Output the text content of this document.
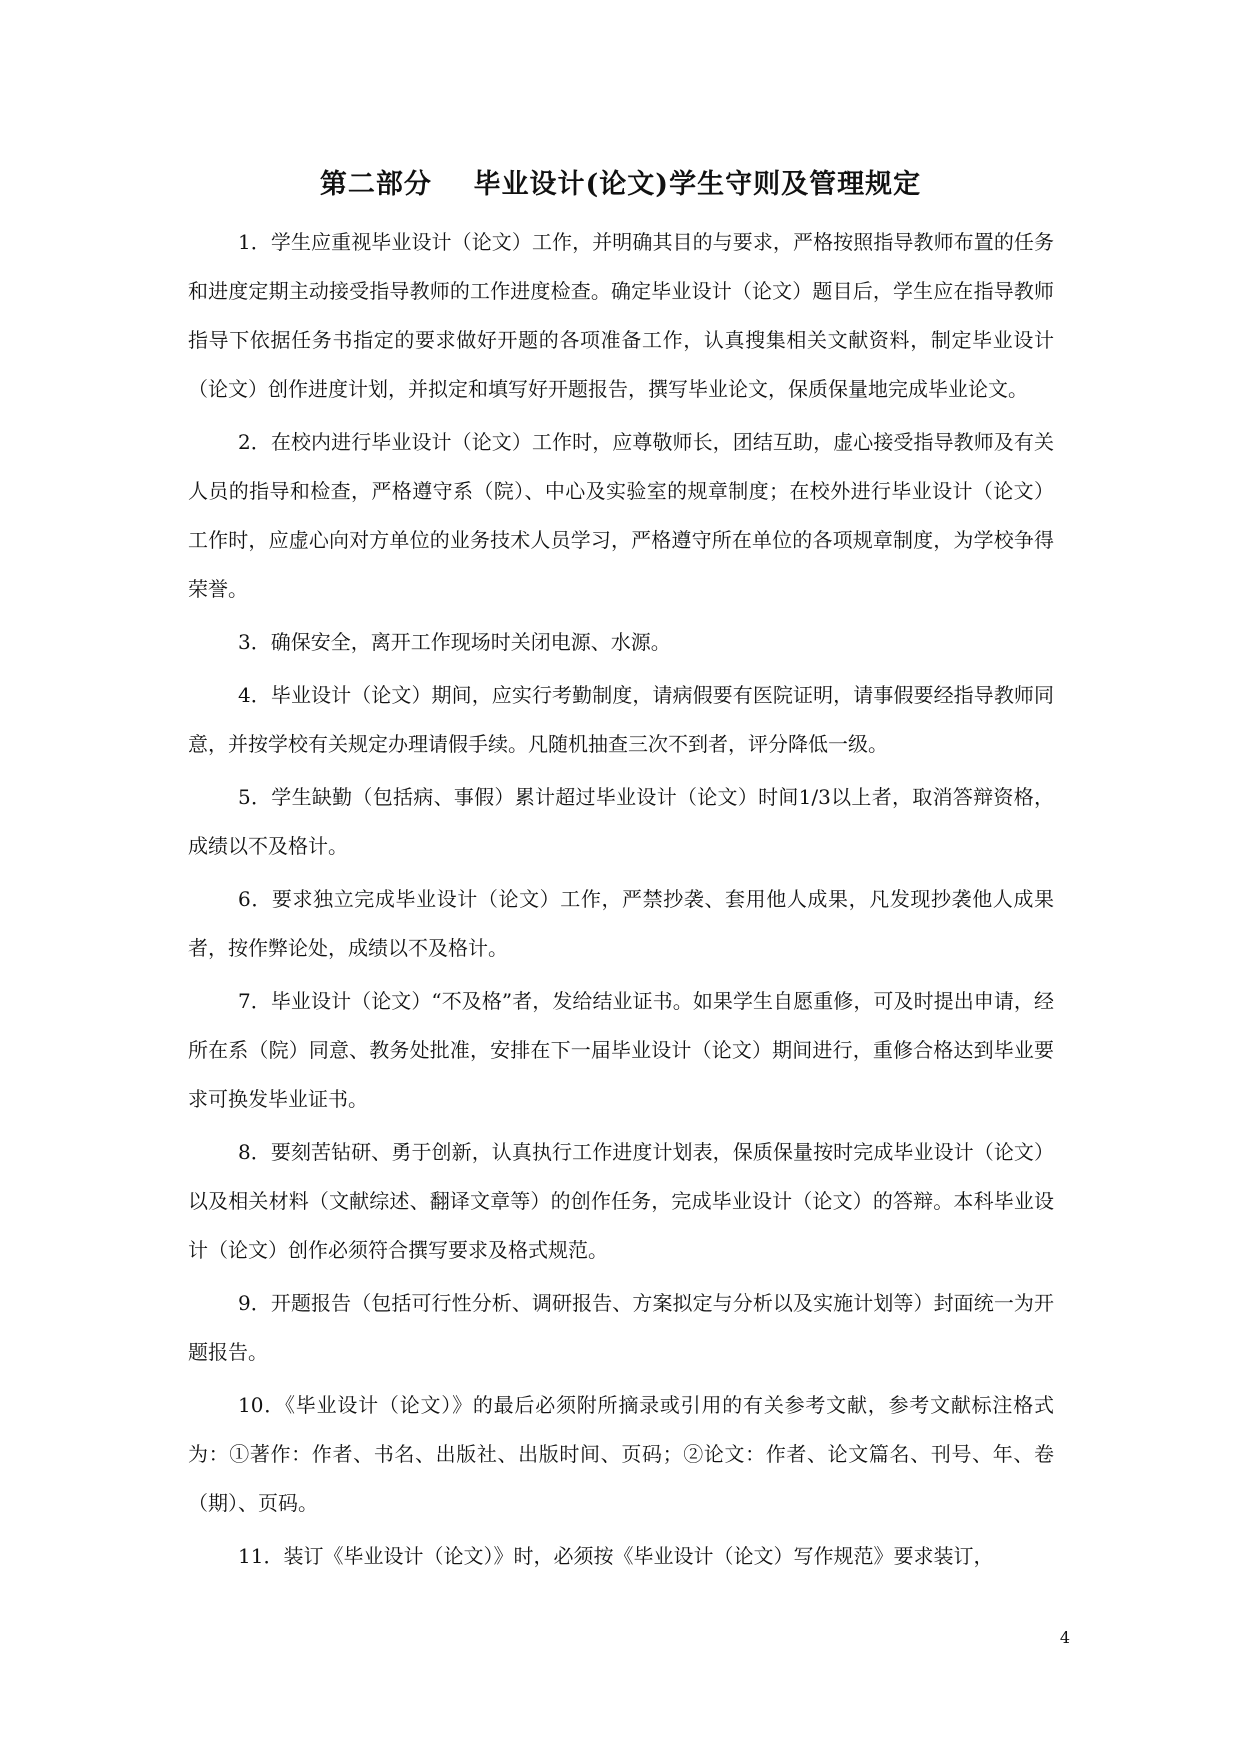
第二部分    毕业设计(论文)学生守则及管理规定

1．学生应重视毕业设计（论文）工作，并明确其目的与要求，严格按照指导教师布置的任务和进度定期主动接受指导教师的工作进度检查。确定毕业设计（论文）题目后，学生应在指导教师指导下依据任务书指定的要求做好开题的各项准备工作，认真搜集相关文献资料，制定毕业设计（论文）创作进度计划，并拟定和填写好开题报告，撰写毕业论文，保质保量地完成毕业论文。

2．在校内进行毕业设计（论文）工作时，应尊敬师长，团结互助，虚心接受指导教师及有关人员的指导和检查，严格遵守系（院）、中心及实验室的规章制度；在校外进行毕业设计（论文）工作时，应虚心向对方单位的业务技术人员学习，严格遵守所在单位的各项规章制度，为学校争得荣誉。

3．确保安全，离开工作现场时关闭电源、水源。

4．毕业设计（论文）期间，应实行考勤制度，请病假要有医院证明，请事假要经指导教师同意，并按学校有关规定办理请假手续。凡随机抽查三次不到者，评分降低一级。

5．学生缺勤（包括病、事假）累计超过毕业设计（论文）时间1/3以上者，取消答辩资格，成绩以不及格计。

6．要求独立完成毕业设计（论文）工作，严禁抄袭、套用他人成果，凡发现抄袭他人成果者，按作弊论处，成绩以不及格计。

7．毕业设计（论文）“不及格”者，发给结业证书。如果学生自愿重修，可及时提出申请，经所在系（院）同意、教务处批准，安排在下一届毕业设计（论文）期间进行，重修合格达到毕业要求可换发毕业证书。

8．要刻苦钻研、勇于创新，认真执行工作进度计划表，保质保量按时完成毕业设计（论文）以及相关材料（文献综述、翻译文章等）的创作任务，完成毕业设计（论文）的答辩。本科毕业设计（论文）创作必须符合撰写要求及格式规范。

9．开题报告（包括可行性分析、调研报告、方案拟定与分析以及实施计划等）封面统一为开题报告。

10．《毕业设计（论文）》的最后必须附所摘录或引用的有关参考文献，参考文献标注格式为：①著作：作者、书名、出版社、出版时间、页码；②论文：作者、论文篇名、刊号、年、卷（期）、页码。

11．装订《毕业设计（论文）》时，必须按《毕业设计（论文）写作规范》要求装订，

4
